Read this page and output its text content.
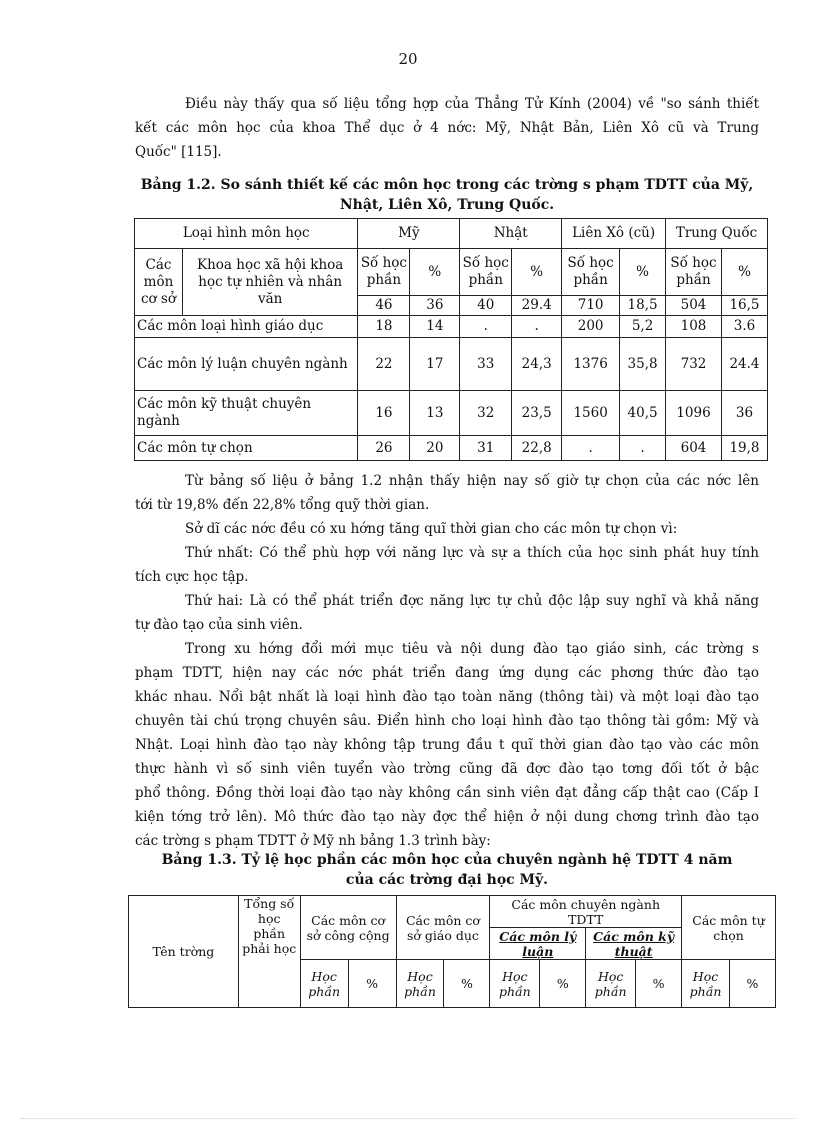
20

Điều này thấy qua số liệu tổng hợp của Thẳng Tử Kính (2004) về "so sánh thiết
kết các môn học của khoa Thể dục ở 4 nớc: Mỹ, Nhật Bản, Liên Xô cũ và Trung
Quốc" [115].

Bảng 1.2. So sánh thiết kế các môn học trong các trờng s phạm TDTT của Mỹ,
Nhật, Liên Xô, Trung Quốc.

Loại hình môn học		Mỹ		Nhật		Liên Xô (cũ)		Trung Quốc	
Các môn cơ sở	Khoa học xã hội khoa học tự nhiên và nhân văn	Số học phần	%	Số học phần	%	Số học phần	%	Số học phần	%
		46	36	40	29.4	710	18,5	504	16,5
Các môn loại hình giáo dục		18	14	.	.	200	5,2	108	3.6
Các môn lý luận chuyên ngành		22	17	33	24,3	1376	35,8	732	24.4
Các môn kỹ thuật chuyên ngành		16	13	32	23,5	1560	40,5	1096	36
Các môn tự chọn		26	20	31	22,8	.	.	604	19,8

Từ bảng số liệu ở bảng 1.2 nhận thấy hiện nay số giờ tự chọn của các nớc lên
tới từ 19,8% đến 22,8% tổng quỹ thời gian.
Sở dĩ các nớc đều có xu hớng tăng quĩ thời gian cho các môn tự chọn vì:
Thứ nhất: Có thể phù hợp với năng lực và sự a thích của học sinh phát huy tính
tích cực học tập.
Thứ hai: Là có thể phát triển đợc năng lực tự chủ độc lập suy nghĩ và khả năng
tự đào tạo của sinh viên.
Trong xu hớng đổi mới mục tiêu và nội dung đào tạo giáo sinh, các trờng s
phạm TDTT, hiện nay các nớc phát triển đang ứng dụng các phơng thức đào tạo
khác nhau. Nổi bật nhất là loại hình đào tạo toàn năng (thông tài) và một loại đào tạo
chuyên tài chú trọng chuyên sâu. Điển hình cho loại hình đào tạo thông tài gồm: Mỹ và
Nhật. Loại hình đào tạo này không tập trung đầu t quĩ thời gian đào tạo vào các môn
thực hành vì số sinh viên tuyển vào trờng cũng đã đợc đào tạo tơng đối tốt ở bậc
phổ thông. Đồng thời loại đào tạo này không cần sinh viên đạt đẳng cấp thật cao (Cấp I
kiện tớng trở lên). Mô thức đào tạo này đợc thể hiện ở nội dung chơng trình đào tạo
các trờng s phạm TDTT ở Mỹ nh bảng 1.3 trình bày:

Bảng 1.3. Tỷ lệ học phần các môn học của chuyên ngành hệ TDTT 4 năm
của các trờng đại học Mỹ.

Tên trờng	Tổng số học phần phải học	Các môn cơ sở công cộng		Các môn cơ sở giáo dục		Các môn chuyên ngành TDTT				Các môn tự chọn	
						Các môn lý luận		Các môn kỹ thuật			
		Học phần	%	Học phần	%	Học phần	%	Học phần	%	Học phần	%
